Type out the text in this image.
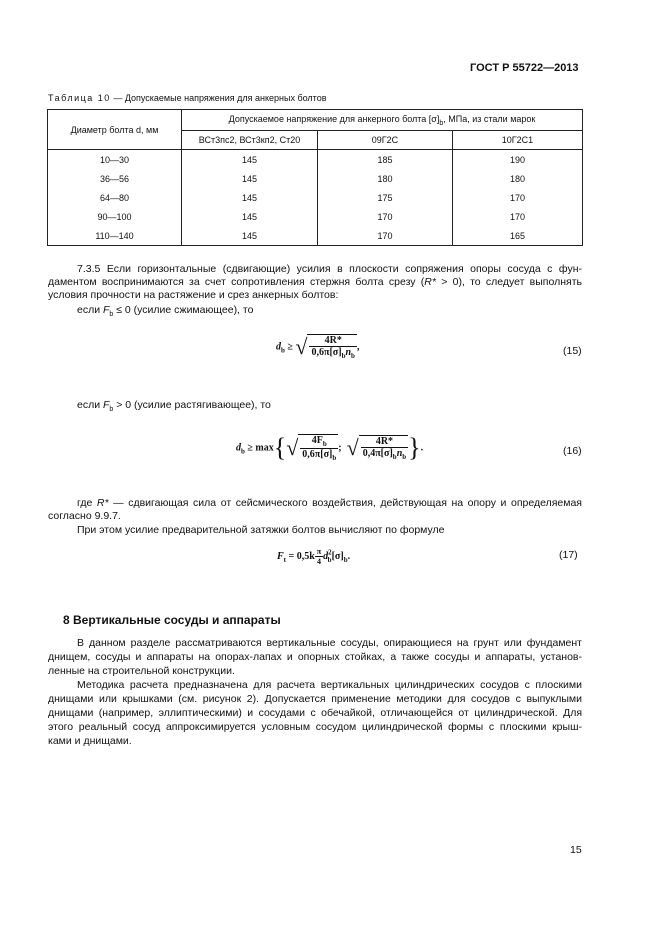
ГОСТ Р 55722—2013
Таблица 10 — Допускаемые напряжения для анкерных болтов
Диаметр болта d, мм	Допускаемое напряжение для анкерного болта $[\sigma]_b$, МПа, из стали марок		
	ВСт3пс2, ВСт3кп2, Ст20	09Г2С	10Г2С1
10—30	145	185	190
36—56	145	180	180
64—80	145	175	170
90—100	145	170	170
110—140	145	170	165
7.3.5 Если горизонтальные (сдвигающие) усилия в плоскости сопряжения опоры сосуда с фун-
даментом воспринимаются за счет сопротивления стержня болта срезу (R* > 0), то следует выполнять
условия прочности на растяжение и срез анкерных болтов:
если $F_b \le 0$ (усилие сжимающее), то
$d_b$ ≥ √ $\frac{4R*}{0,6\pi[\sigma]_bn_b}$ ,	(15)
если $F_b > 0$ (усилие растягивающее), то
$d_b \ge \max\{√ \frac{4F_b}{0,6\pi[\sigma]_b}$ ; √ $\frac{4R*}{0,4\pi[\sigma]_bn_b}$ }.	(16)
где R* — сдвигающая сила от сейсмического воздействия, действующая на опору и определяемая
согласно 9.9.7.
При этом усилие предварительной затяжки болтов вычисляют по формуле
$F_t = 0,5k \frac{\pi}{4} d^2_b[\sigma]_b$.	(17)
8 Вертикальные сосуды и аппараты
В данном разделе рассматриваются вертикальные сосуды, опирающиеся на грунт или фундамент
днищем, сосуды и аппараты на опорах-лапах и опорных стойках, а также сосуды и аппараты, установ-
ленные на строительной конструкции.
Методика расчета предназначена для расчета вертикальных цилиндрических сосудов с плоскими
днищами или крышками (см. рисунок 2). Допускается применение методики для сосудов с выпуклыми
днищами (например, эллиптическими) и сосудами с обечайкой, отличающейся от цилиндрической. Для
этого реальный сосуд аппроксимируется условным сосудом цилиндрической формы с плоскими крыш-
ками и днищами.
15
